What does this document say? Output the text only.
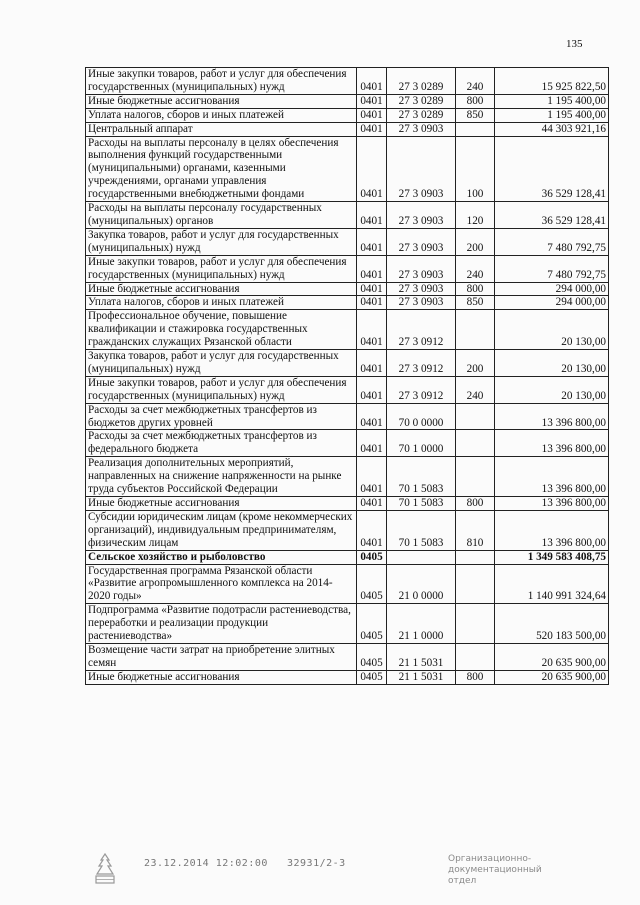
135
Иные закупки товаров, работ и услуг для обеспечения государственных (муниципальных) нужд	0401	27 3 0289	240	15 925 822,50
Иные бюджетные ассигнования	0401	27 3 0289	800	1 195 400,00
Уплата налогов, сборов и иных платежей	0401	27 3 0289	850	1 195 400,00
Центральный аппарат	0401	27 3 0903		44 303 921,16
Расходы на выплаты персоналу в целях обеспечения выполнения функций государственными (муниципальными) органами, казенными учреждениями, органами управления государственными внебюджетными фондами	0401	27 3 0903	100	36 529 128,41
Расходы на выплаты персоналу государственных (муниципальных) органов	0401	27 3 0903	120	36 529 128,41
Закупка товаров, работ и услуг для государственных (муниципальных) нужд	0401	27 3 0903	200	7 480 792,75
Иные закупки товаров, работ и услуг для обеспечения государственных (муниципальных) нужд	0401	27 3 0903	240	7 480 792,75
Иные бюджетные ассигнования	0401	27 3 0903	800	294 000,00
Уплата налогов, сборов и иных платежей	0401	27 3 0903	850	294 000,00
Профессиональное обучение, повышение квалификации и стажировка государственных гражданских служащих Рязанской области	0401	27 3 0912		20 130,00
Закупка товаров, работ и услуг для государственных (муниципальных) нужд	0401	27 3 0912	200	20 130,00
Иные закупки товаров, работ и услуг для обеспечения государственных (муниципальных) нужд	0401	27 3 0912	240	20 130,00
Расходы за счет межбюджетных трансфертов из бюджетов других уровней	0401	70 0 0000		13 396 800,00
Расходы за счет межбюджетных трансфертов из федерального бюджета	0401	70 1 0000		13 396 800,00
Реализация дополнительных мероприятий, направленных на снижение напряженности на рынке труда субъектов Российской Федерации	0401	70 1 5083		13 396 800,00
Иные бюджетные ассигнования	0401	70 1 5083	800	13 396 800,00
Субсидии юридическим лицам (кроме некоммерческих организаций), индивидуальным предпринимателям, физическим лицам	0401	70 1 5083	810	13 396 800,00
Сельское хозяйство и рыболовство	0405			1 349 583 408,75
Государственная программа Рязанской области «Развитие агропромышленного комплекса на 2014-2020 годы»	0405	21 0 0000		1 140 991 324,64
Подпрограмма «Развитие подотрасли растениеводства, переработки и реализации продукции растениеводства»	0405	21 1 0000		520 183 500,00
Возмещение части затрат на приобретение элитных семян	0405	21 1 5031		20 635 900,00
Иные бюджетные ассигнования	0405	21 1 5031	800	20 635 900,00
23.12.2014 12:02:00 32931/2-3	Организационно-документационный отдел
